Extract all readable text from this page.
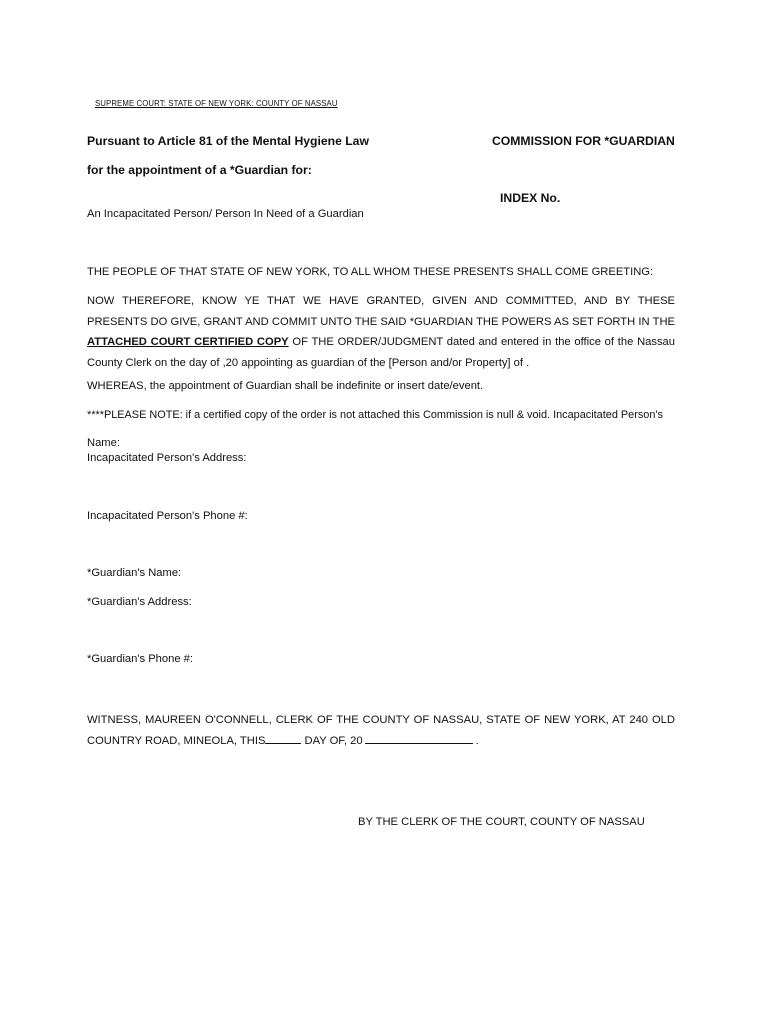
SUPREME COURT: STATE OF NEW YORK: COUNTY OF NASSAU
Pursuant to Article 81 of the Mental Hygiene Law	COMMISSION FOR *GUARDIAN
for the appointment of a *Guardian for:
INDEX No.
An Incapacitated Person/ Person In Need of a Guardian
THE PEOPLE OF THAT STATE OF NEW YORK, TO ALL WHOM THESE PRESENTS SHALL COME GREETING:
NOW THEREFORE, KNOW YE THAT WE HAVE GRANTED, GIVEN AND COMMITTED, AND BY THESE PRESENTS DO GIVE, GRANT AND COMMIT UNTO THE SAID *GUARDIAN THE POWERS AS SET FORTH IN THE ATTACHED COURT CERTIFIED COPY OF THE ORDER/JUDGMENT dated and entered in the office of the Nassau County Clerk on the day of ,20 appointing as guardian of the [Person and/or Property] of .
WHEREAS, the appointment of Guardian shall be indefinite or insert date/event.
****PLEASE NOTE: if a certified copy of the order is not attached this Commission is null & void. Incapacitated Person's
Name:
Incapacitated Person's Address:
Incapacitated Person's Phone #:
*Guardian's Name:
*Guardian's Address:
*Guardian's Phone #:
WITNESS, MAUREEN O'CONNELL, CLERK OF THE COUNTY OF NASSAU, STATE OF NEW YORK, AT 240 OLD COUNTRY ROAD, MINEOLA, THIS	DAY OF, 20	.
BY THE CLERK OF THE COURT, COUNTY OF NASSAU
